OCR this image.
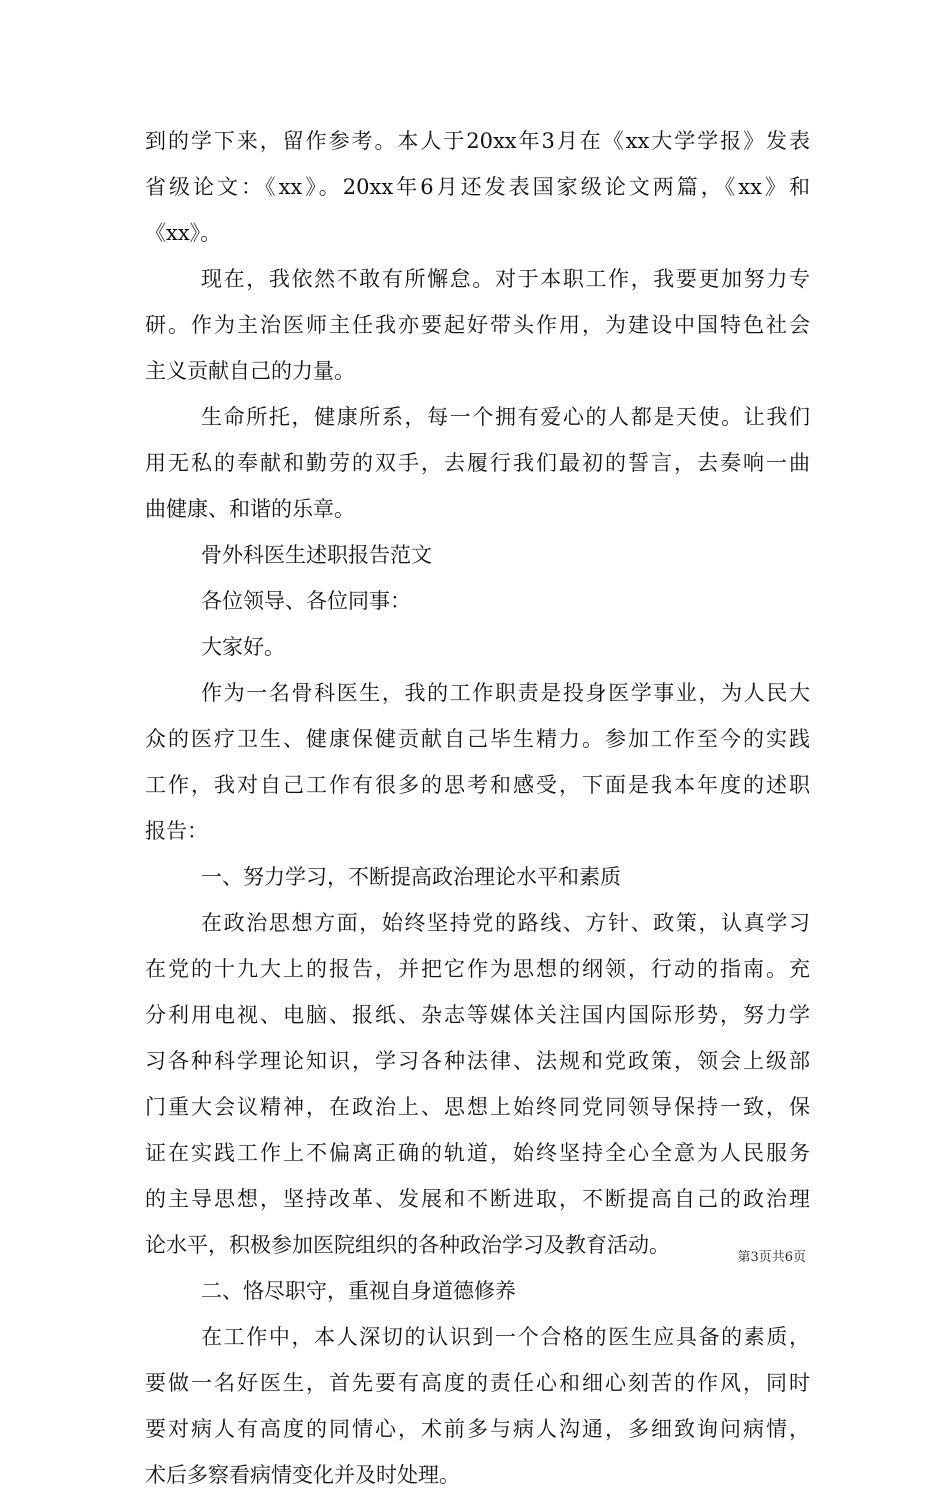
到的学下来，留作参考。本人于20xx年3月在《xx大学学报》发表
省级论文：《xx》。20xx年6月还发表国家级论文两篇，《xx》和
《xx》。
现在，我依然不敢有所懈怠。对于本职工作，我要更加努力专
研。作为主治医师主任我亦要起好带头作用，为建设中国特色社会
主义贡献自己的力量。
生命所托，健康所系，每一个拥有爱心的人都是天使。让我们
用无私的奉献和勤劳的双手，去履行我们最初的誓言，去奏响一曲
曲健康、和谐的乐章。
骨外科医生述职报告范文
各位领导、各位同事：
大家好。
作为一名骨科医生，我的工作职责是投身医学事业，为人民大
众的医疗卫生、健康保健贡献自己毕生精力。参加工作至今的实践
工作，我对自己工作有很多的思考和感受，下面是我本年度的述职
报告：
一、努力学习，不断提高政治理论水平和素质
在政治思想方面，始终坚持党的路线、方针、政策，认真学习
在党的十九大上的报告，并把它作为思想的纲领，行动的指南。充
分利用电视、电脑、报纸、杂志等媒体关注国内国际形势，努力学
习各种科学理论知识，学习各种法律、法规和党政策，领会上级部
门重大会议精神，在政治上、思想上始终同党同领导保持一致，保
证在实践工作上不偏离正确的轨道，始终坚持全心全意为人民服务
的主导思想，坚持改革、发展和不断进取，不断提高自己的政治理
论水平，积极参加医院组织的各种政治学习及教育活动。
二、恪尽职守，重视自身道德修养
在工作中，本人深切的认识到一个合格的医生应具备的素质，
要做一名好医生，首先要有高度的责任心和细心刻苦的作风，同时
要对病人有高度的同情心，术前多与病人沟通，多细致询问病情，
术后多察看病情变化并及时处理。
第3页共6页
